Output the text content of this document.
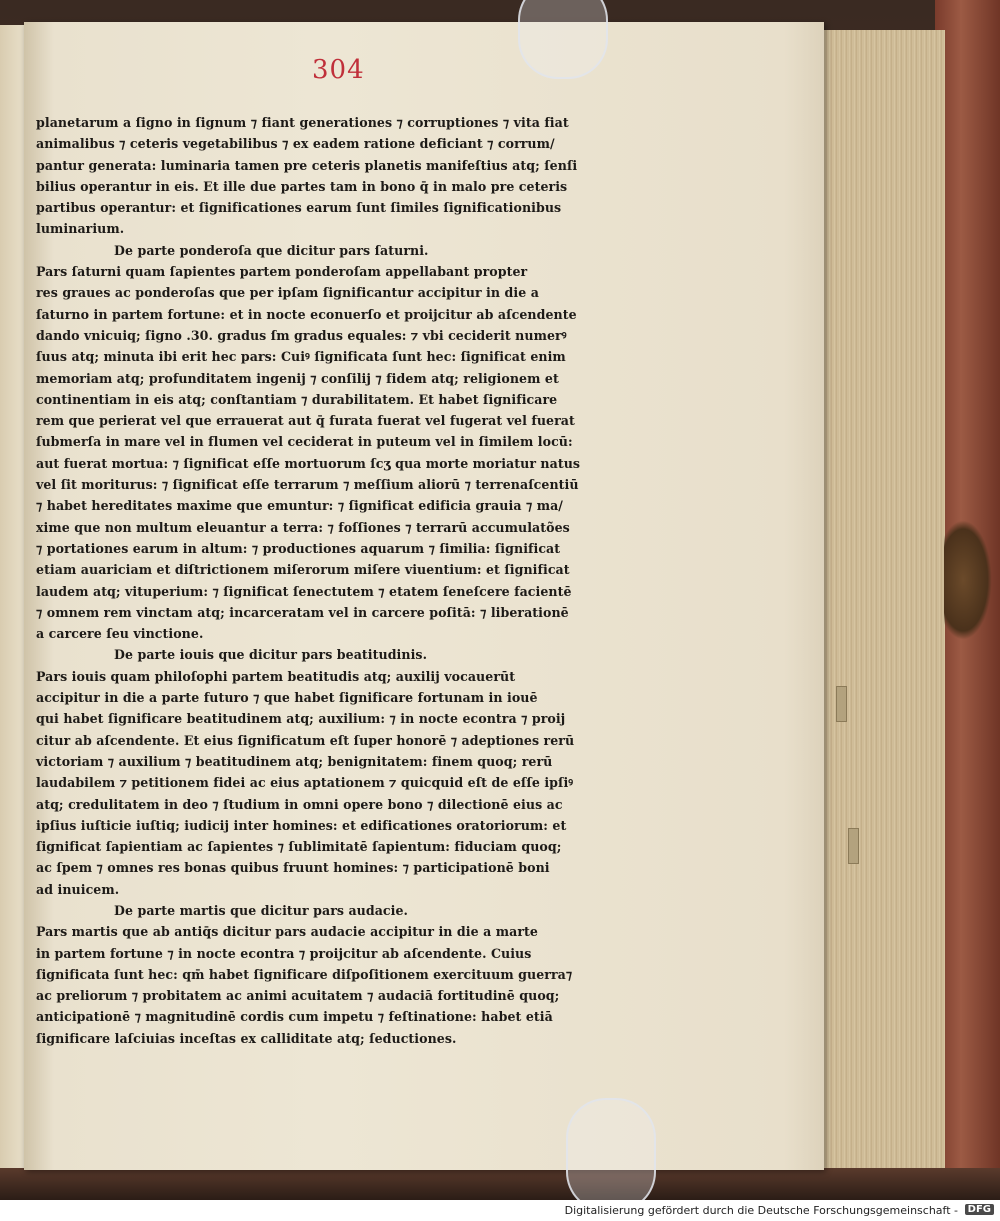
304

planetarum a ſigno in ſignum ⁊ fiant generationes ⁊ corruptiones ⁊ vita fiat

animalibus ⁊ ceteris vegetabilibus ⁊ ex eadem ratione deficiant ⁊ corrum/

pantur generata: luminaria tamen pre ceteris planetis manifeſtius atq; ſenſi

bilius operantur in eis. Et ille due partes tam in bono q̄ in malo pre ceteris

partibus operantur: et ſignificationes earum ſunt ſimiles ſignificationibus

luminarium.

De parte ponderoſa que dicitur pars ſaturni.

Pars ſaturni quam ſapientes partem ponderoſam appellabant propter

res graues ac ponderoſas que per ipſam ſignificantur accipitur in die a

ſaturno in partem fortune: et in nocte econuerſo et proijcitur ab aſcendente

dando vnicuiq; ſigno .30. gradus ſm gradus equales: ⁊ vbi ceciderit numerꝰ

ſuus atq; minuta ibi erit hec pars: Cuiꝰ ſignificata ſunt hec: ſignificat enim

memoriam atq; profunditatem ingenij ⁊ conſilij ⁊ fidem atq; religionem et

continentiam in eis atq; conſtantiam ⁊ durabilitatem. Et habet ſignificare

rem que perierat vel que errauerat aut q̄ furata fuerat vel fugerat vel fuerat

ſubmerſa in mare vel in flumen vel ceciderat in puteum vel in ſimilem locū:

aut fuerat mortua: ⁊ ſignificat eſſe mortuorum ſcʒ qua morte moriatur natus

vel ſit moriturus: ⁊ ſignificat eſſe terrarum ⁊ meſſium aliorū ⁊ terrenaſcentiū

⁊ habet hereditates maxime que emuntur: ⁊ ſignificat edificia grauia ⁊ ma/

xime que non multum eleuantur a terra: ⁊ foſſiones ⁊ terrarū accumulatões

⁊ portationes earum in altum: ⁊ productiones aquarum ⁊ ſimilia: ſignificat

etiam auariciam et diſtrictionem miſerorum miſere viuentium: et ſignificat

laudem atq; vituperium: ⁊ ſignificat ſenectutem ⁊ etatem ſeneſcere facientē

⁊ omnem rem vinctam atq; incarceratam vel in carcere poſitā: ⁊ liberationē

a carcere ſeu vinctione.

De parte iouis que dicitur pars beatitudinis.

Pars iouis quam philoſophi partem beatitudis atq; auxilij vocauerūt

accipitur in die a parte futuro ⁊ que habet ſignificare fortunam in iouē

qui habet ſignificare beatitudinem atq; auxilium: ⁊ in nocte econtra ⁊ proij

citur ab aſcendente. Et eius ſignificatum eſt ſuper honorē ⁊ adeptiones rerū

victoriam ⁊ auxilium ⁊ beatitudinem atq; benignitatem: finem quoq; rerū

laudabilem ⁊ petitionem fidei ac eius aptationem ⁊ quicquid eſt de eſſe ipſiꝰ

atq; credulitatem in deo ⁊ ſtudium in omni opere bono ⁊ dilectionē eius ac

ipſius iuſticie iuſtiq; iudicij inter homines: et edificationes oratoriorum: et

ſignificat ſapientiam ac ſapientes ⁊ ſublimitatē ſapientum: fiduciam quoq;

ac ſpem ⁊ omnes res bonas quibus fruunt homines: ⁊ participationē boni

ad inuicem.

De parte martis que dicitur pars audacie.

Pars martis que ab antiq̄s dicitur pars audacie accipitur in die a marte

in partem fortune ⁊ in nocte econtra ⁊ proijcitur ab aſcendente. Cuius

ſignificata ſunt hec: qm̄ habet ſignificare diſpoſitionem exercituum guerra⁊

ac preliorum ⁊ probitatem ac animi acuitatem ⁊ audaciā fortitudinē quoq;

anticipationē ⁊ magnitudinē cordis cum impetu ⁊ feſtinatione: habet etiā

ſignificare laſciuias inceſtas ex calliditate atq; ſeductiones.

Digitalisierung gefördert durch die Deutsche Forschungsgemeinschaft - DFG
